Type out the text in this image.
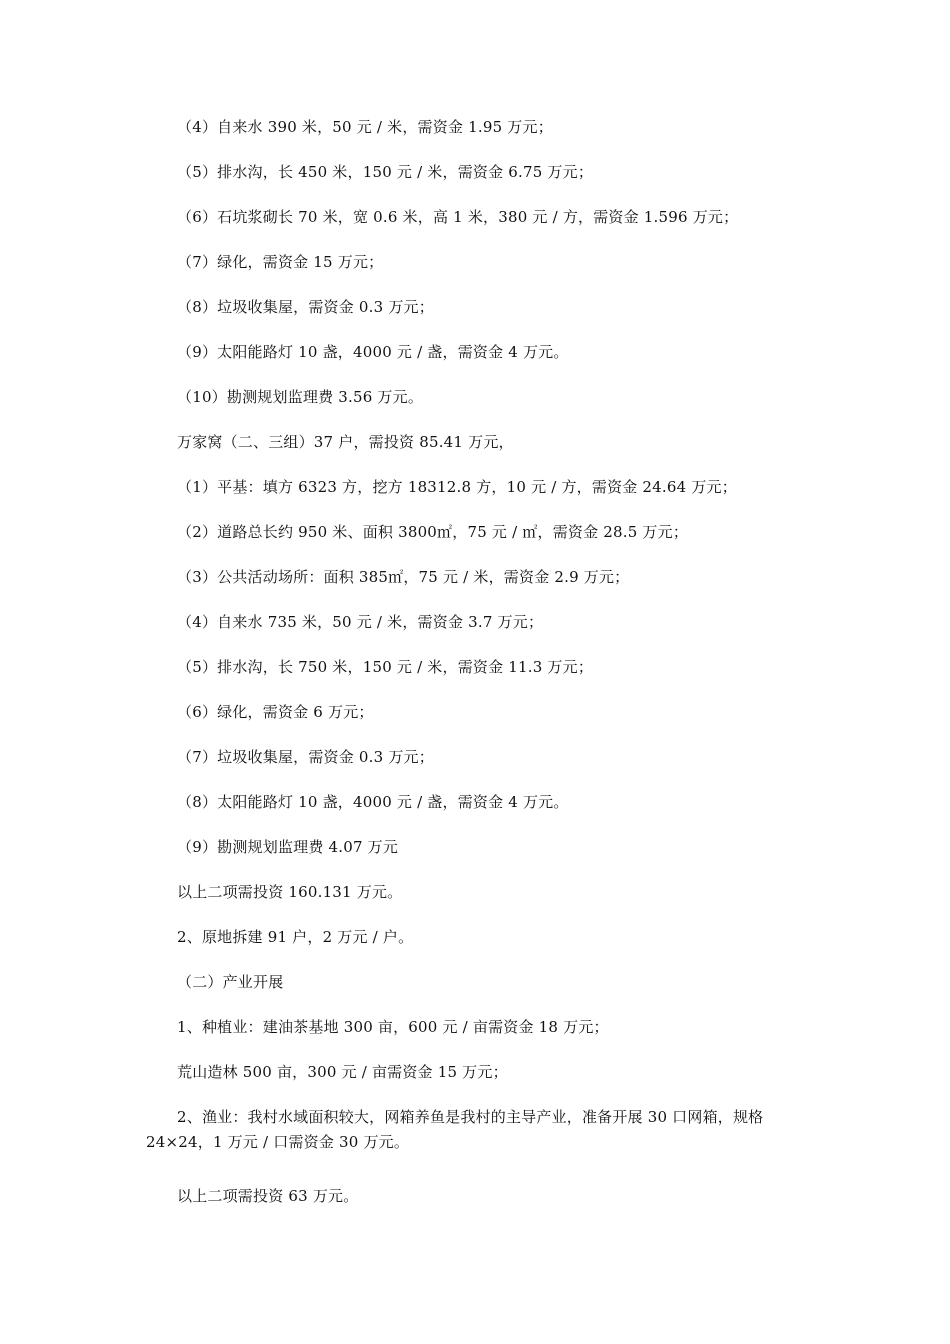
（4）自来水 390 米，50 元 / 米，需资金 1.95 万元；
（5）排水沟，长 450 米，150 元 / 米，需资金 6.75 万元；
（6）石坑浆砌长 70 米，宽 0.6 米，高 1 米，380 元 / 方，需资金 1.596 万元；
（7）绿化，需资金 15 万元；
（8）垃圾收集屋，需资金 0.3 万元；
（9）太阳能路灯 10 盏，4000 元 / 盏，需资金 4 万元。
（10）勘测规划监理费 3.56 万元。
万家窝（二、三组）37 户，需投资 85.41 万元，
（1）平基：填方 6323 方，挖方 18312.8 方，10 元 / 方，需资金 24.64 万元；
（2）道路总长约 950 米、面积 3800㎡，75 元 / ㎡，需资金 28.5 万元；
（3）公共活动场所：面积 385㎡，75 元 / 米，需资金 2.9 万元；
（4）自来水 735 米，50 元 / 米，需资金 3.7 万元；
（5）排水沟，长 750 米，150 元 / 米，需资金 11.3 万元；
（6）绿化，需资金 6 万元；
（7）垃圾收集屋，需资金 0.3 万元；
（8）太阳能路灯 10 盏，4000 元 / 盏，需资金 4 万元。
（9）勘测规划监理费 4.07 万元
以上二项需投资 160.131 万元。
2、原地拆建 91 户，2 万元 / 户。
（二）产业开展
1、种植业：建油茶基地 300 亩，600 元 / 亩需资金 18 万元；
荒山造林 500 亩，300 元 / 亩需资金 15 万元；
2、渔业：我村水域面积较大，网箱养鱼是我村的主导产业，准备开展 30 口网箱，规格 24×24，1 万元 / 口需资金 30 万元。
以上二项需投资 63 万元。
